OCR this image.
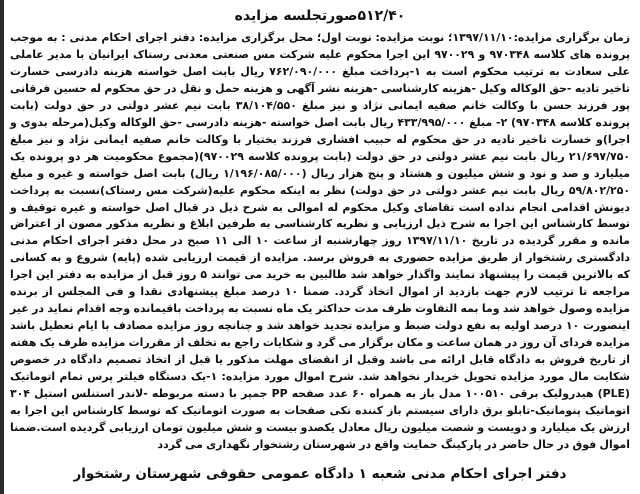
۵۱۲/۴۰صورتجلسه مزایده

زمان برگزاری مزایده:۱۳۹۷/۱۱/۱۰؛ نوبت مزایده: نوبت اول؛ محل برگزاری مزایده: دفتر اجرای احکام مدنی : به موجب پرونده های کلاسه ۹۷۰۳۴۸ و ۹۷۰۰۲۹ این اجرا محکوم علیه شرکت مس صنعتی معدنی رستاک ایرانیان با مدیر عاملی علی سعادت به ترتیب محکوم است به ۱-پرداخت مبلغ ۷۶۲/۰۹۰/۰۰۰ ریال بابت اصل خواسته هزینه دادرسی خسارت تاخیر تادیه -حق الوکاله وکیل -هزینه کارشناسی -هزینه نشر آگهی و هزینه حمل و نقل در حق محکوم له حسین فرقانی پور فرزند حسن با وکالت خانم صفیه ایمانی نژاد و نیز مبلغ ۳۸/۱۰۴/۵۵۰ بابت نیم عشر دولتی در حق دولت (بابت پرونده کلاسه ۹۷۰۳۴۸) ۲- مبلغ ۴۳۳/۹۹۵/۰۰۰ ریال بابت اصل خواسته -هزینه دادرسی -حق الوکاله وکیل(مرحله بدوی و اجرا)و خسارت تاخیر تادیه در حق محکوم له حبیب افشاری فرزند بختیار با وکالت خانم صفیه ایمانی نژاد و نیز مبلغ ۲۱/۶۹۷/۷۵۰ ریال بابت نیم عشر دولتی در حق دولت (بابت پرونده کلاسه ۹۷۰۰۲۹)(مجموع محکومیت هر دو پرونده یک میلیارد و صد و نود و شش میلیون و هشتاد و پنج هزار ریال (۱/۱۹۶/۰۸۵/۰۰۰ ریال) بابت اصل خواسته و غیره و مبلغ ۵۹/۸۰۲/۲۵۰ ریال بابت نیم عشر دولتی در حق دولت) نظر به اینکه محکوم علیه(شرکت مس رستاک)نسبت به پرداخت دیونش اقدامی انجام نداده است تقاضای وکیل محکوم له اموالی به شرح ذیل در قبال اصل خواسته و غیره توقیف و توسط کارشناس این اجرا به شرح ذیل ارزیابی و نظریه کارشناسی به طرفین ابلاغ و نظریه مذکور مصون از اعتراض مانده و مقرر گردیده در تاریخ ۱۳۹۷/۱۱/۱۰ روز چهارشنبه از ساعت ۱۰ الی ۱۱ صبح در محل دفتر اجرای احکام مدنی دادگستری رشتخوار از طریق مزایده حضوری به فروش برسد. مزایده از قیمت ارزیابی شده (پایه) شروع و به کسانی که بالاترین قیمت را پیشنهاد نمایند واگذار خواهد شد طالبین به خرید می توانند ۵ روز قبل از مزایده به دفتر این اجرا مراجعه تا ترتیب لازم جهت بازدید از اموال اتخاذ گردد. ضمنا ۱۰ درصد مبلغ پیشنهادی نقدا و فی المجلس از برنده مزایده وصول خواهد شد وما بمه التفاوت ظرف مدت حداکثر یک ماه نسبت به پرداخت باقیمانده وجه اقدام نماید در غیر اینصورت ۱۰ درصد اولیه به نفع دولت ضبط و مزایده تجدید خواهد شد و چنانچه روز مزایده مصادف با ایام تعطیل باشد مزایده فردای آن روز در همان ساعت و مکان برگزار می گرد و شکایات راجع به تخلف از مقررات مزایده ظرف یک هفته از تاریخ فروش به دادگاه قابل ارائه می باشد وقبل از انقضای مهلت مذکور یا قبل از اتخاذ تصمیم دادگاه در خصوص شکایت مال مورد مزایده تحویل خریدار نخواهد شد. شرح اموال مورد مزایده: ۱-یک دستگاه فیلتر پرس تمام اتوماتیک (PLE) هیدرولیک برقی ۱۰۰۵۱۰ مدل باز به همراه ۶۰ عدد صفحه PP جمپر با دسته مربوطه -لاندر استنلس استیل ۳۰۴ اتوماتیک پنوماتیک-تابلو برق دارای سیستم باز کننده تکی صفحات به صورت اتوماتیک که توسط کارشناس این اجرا به ارزش یک میلیارد و دویست و شصت میلیون ریال معادل یکصدو بیست و شش میلیون تومان ارزیابی گردیده است.ضمنا اموال فوق در حال حاضر در پارکینگ حمایت واقع در شهرستان رشتخوار نگهداری می گردد

دفتر اجرای احکام مدنی شعبه ۱ دادگاه عمومی حقوقی شهرستان رشتخوار
